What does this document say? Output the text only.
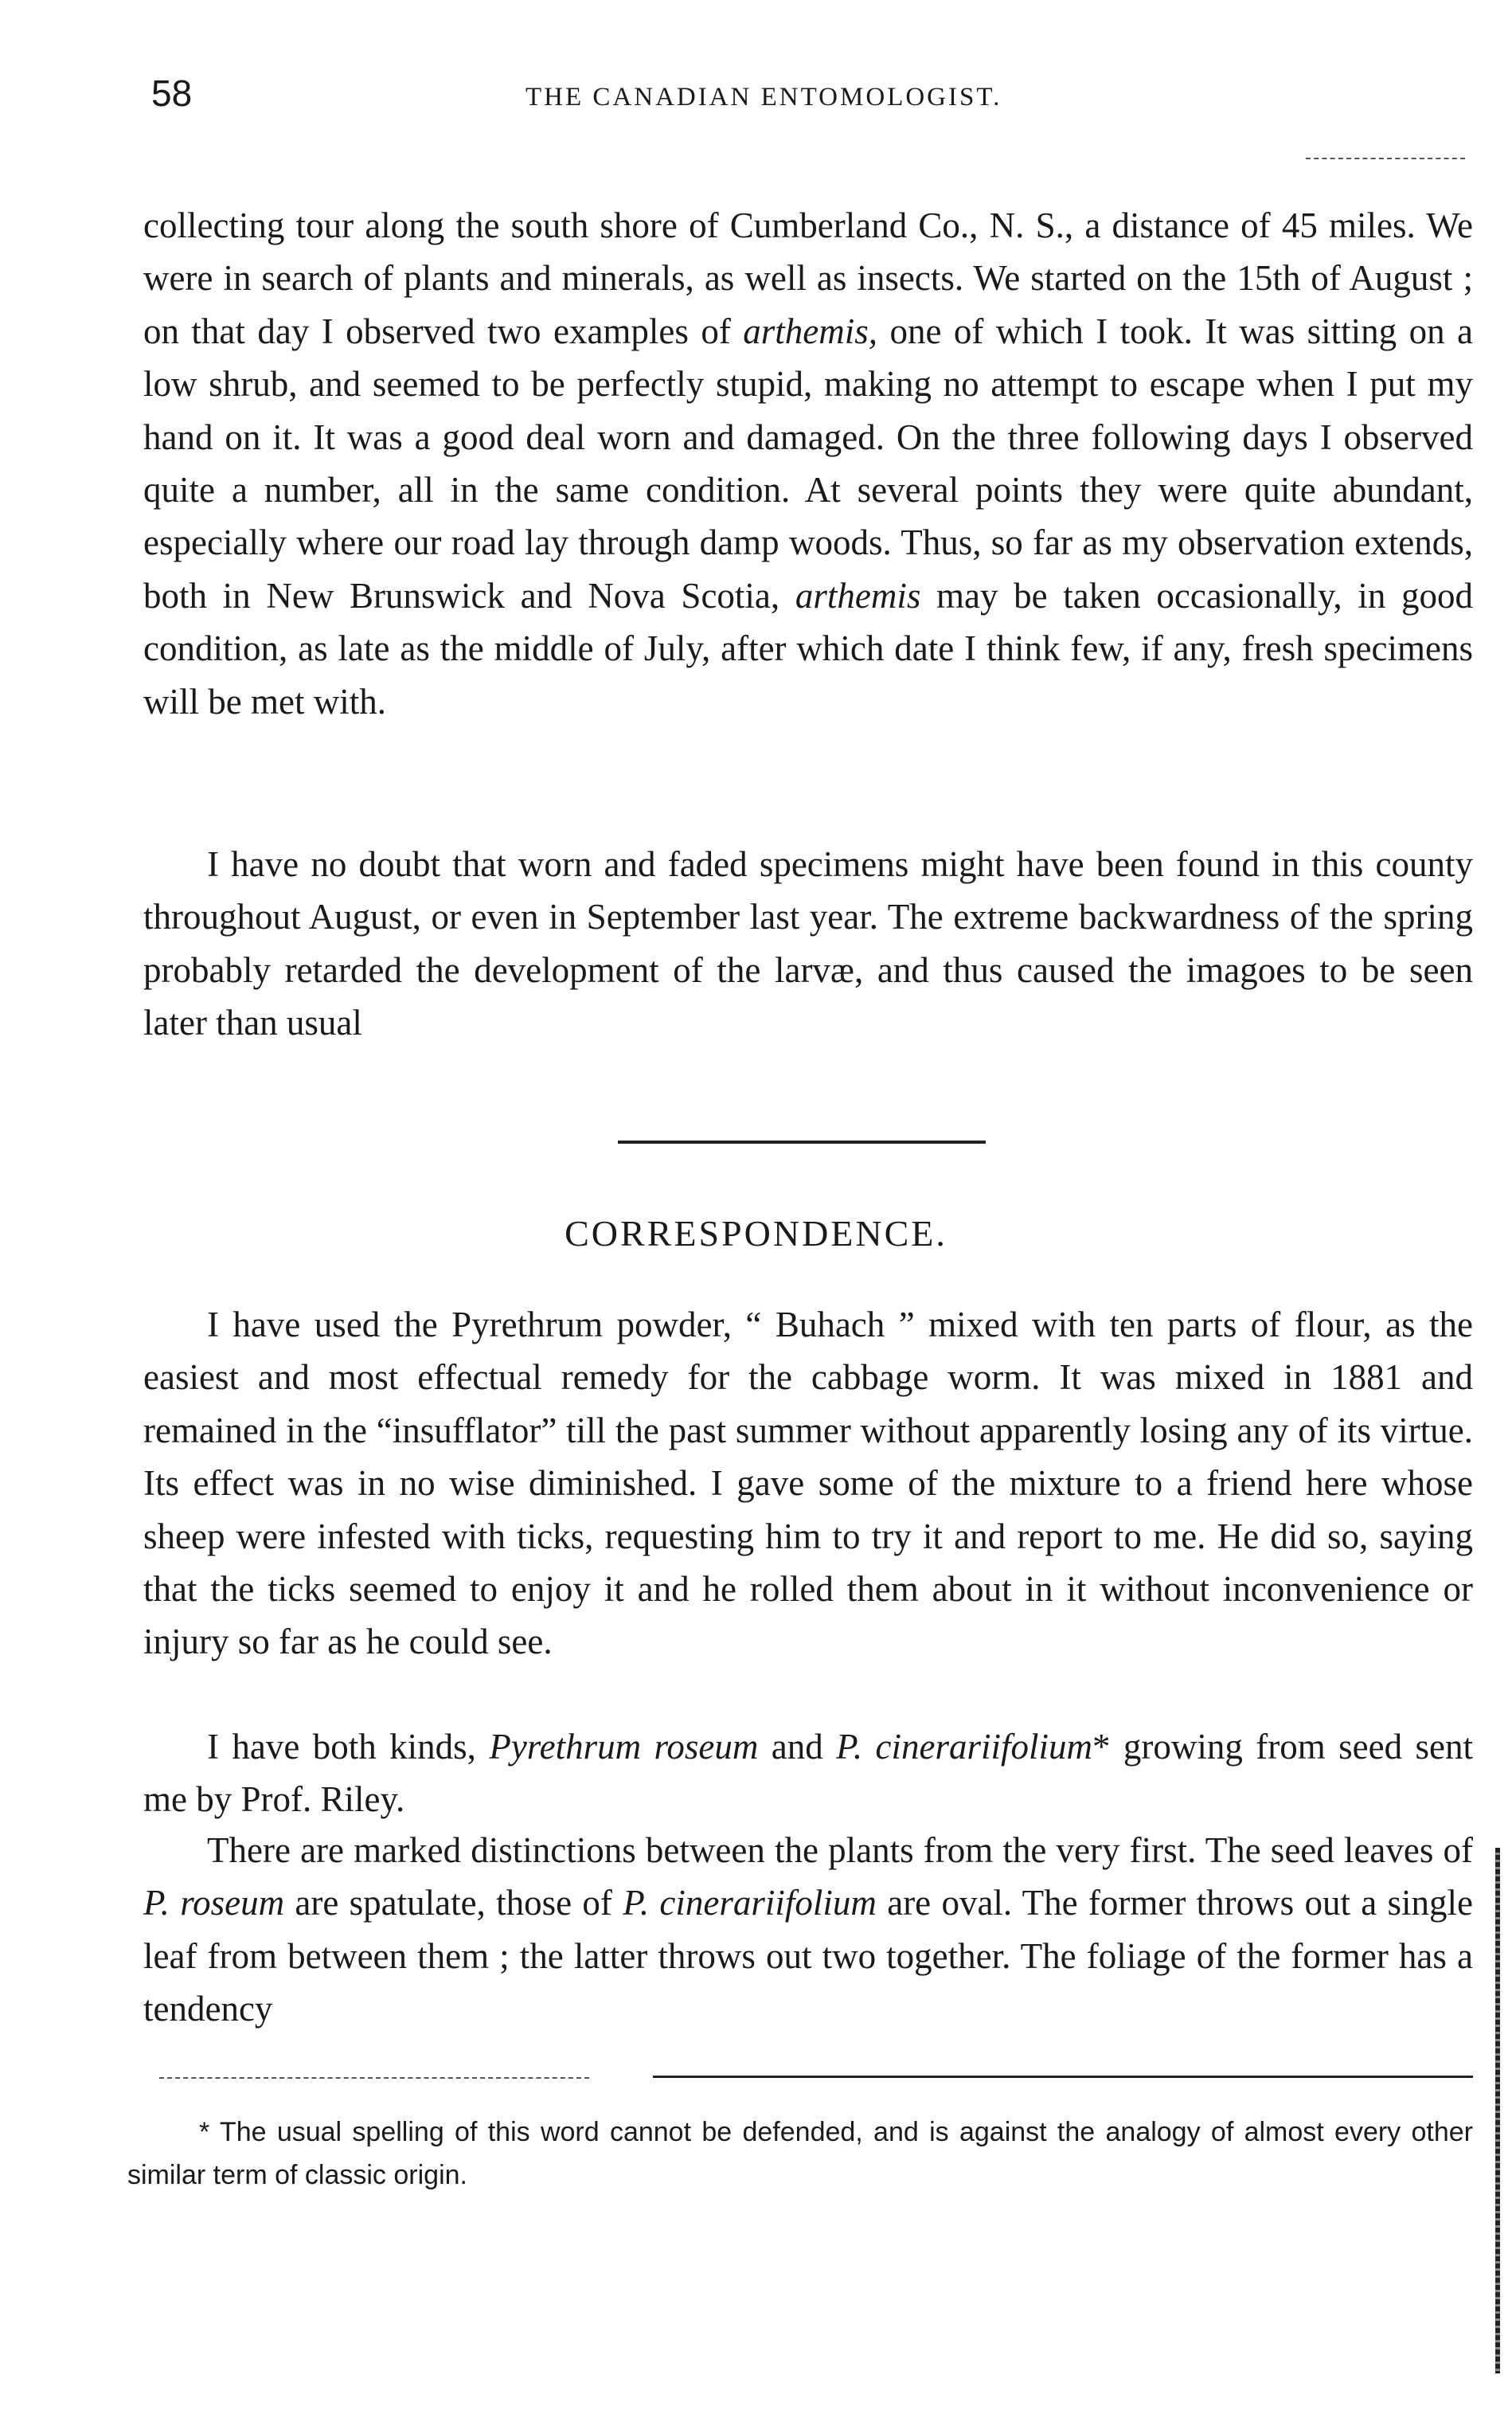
58	THE CANADIAN ENTOMOLOGIST.

collecting tour along the south shore of Cumberland Co., N. S., a distance of 45 miles. We were in search of plants and minerals, as well as insects. We started on the 15th of August ; on that day I observed two examples of arthemis, one of which I took. It was sitting on a low shrub, and seemed to be perfectly stupid, making no attempt to escape when I put my hand on it. It was a good deal worn and damaged. On the three following days I observed quite a number, all in the same condition. At several points they were quite abundant, especially where our road lay through damp woods. Thus, so far as my observation extends, both in New Brunswick and Nova Scotia, arthemis may be taken occasionally, in good condition, as late as the middle of July, after which date I think few, if any, fresh specimens will be met with.

I have no doubt that worn and faded specimens might have been found in this county throughout August, or even in September last year. The extreme backwardness of the spring probably retarded the development of the larvæ, and thus caused the imagoes to be seen later than usual

CORRESPONDENCE.

I have used the Pyrethrum powder, “ Buhach ” mixed with ten parts of flour, as the easiest and most effectual remedy for the cabbage worm. It was mixed in 1881 and remained in the “insufflator” till the past summer without apparently losing any of its virtue. Its effect was in no wise diminished. I gave some of the mixture to a friend here whose sheep were infested with ticks, requesting him to try it and report to me. He did so, saying that the ticks seemed to enjoy it and he rolled them about in it without inconvenience or injury so far as he could see.

I have both kinds, Pyrethrum roseum and P. cinerariifolium* growing from seed sent me by Prof. Riley.

There are marked distinctions between the plants from the very first. The seed leaves of P. roseum are spatulate, those of P. cinerariifolium are oval. The former throws out a single leaf from between them ; the latter throws out two together. The foliage of the former has a tendency

* The usual spelling of this word cannot be defended, and is against the analogy of almost every other similar term of classic origin.
